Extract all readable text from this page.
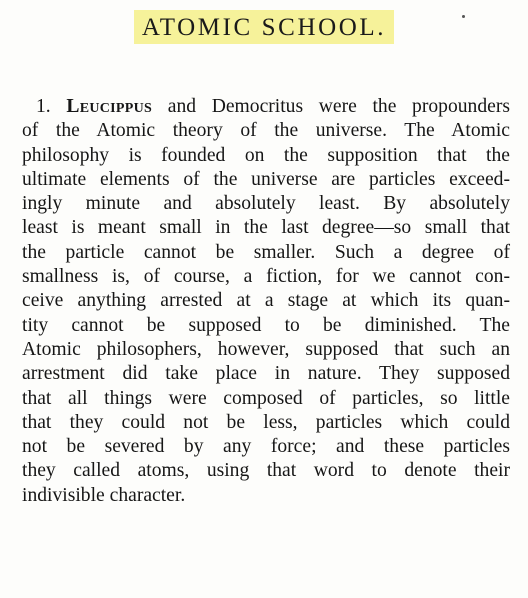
ATOMIC SCHOOL.
1. Leucippus and Democritus were the propounders
of the Atomic theory of the universe. The Atomic
philosophy is founded on the supposition that the
ultimate elements of the universe are particles exceed-
ingly minute and absolutely least. By absolutely
least is meant small in the last degree—so small that
the particle cannot be smaller. Such a degree of
smallness is, of course, a fiction, for we cannot con-
ceive anything arrested at a stage at which its quan-
tity cannot be supposed to be diminished. The
Atomic philosophers, however, supposed that such an
arrestment did take place in nature. They supposed
that all things were composed of particles, so little
that they could not be less, particles which could
not be severed by any force; and these particles
they called atoms, using that word to denote their
indivisible character.
